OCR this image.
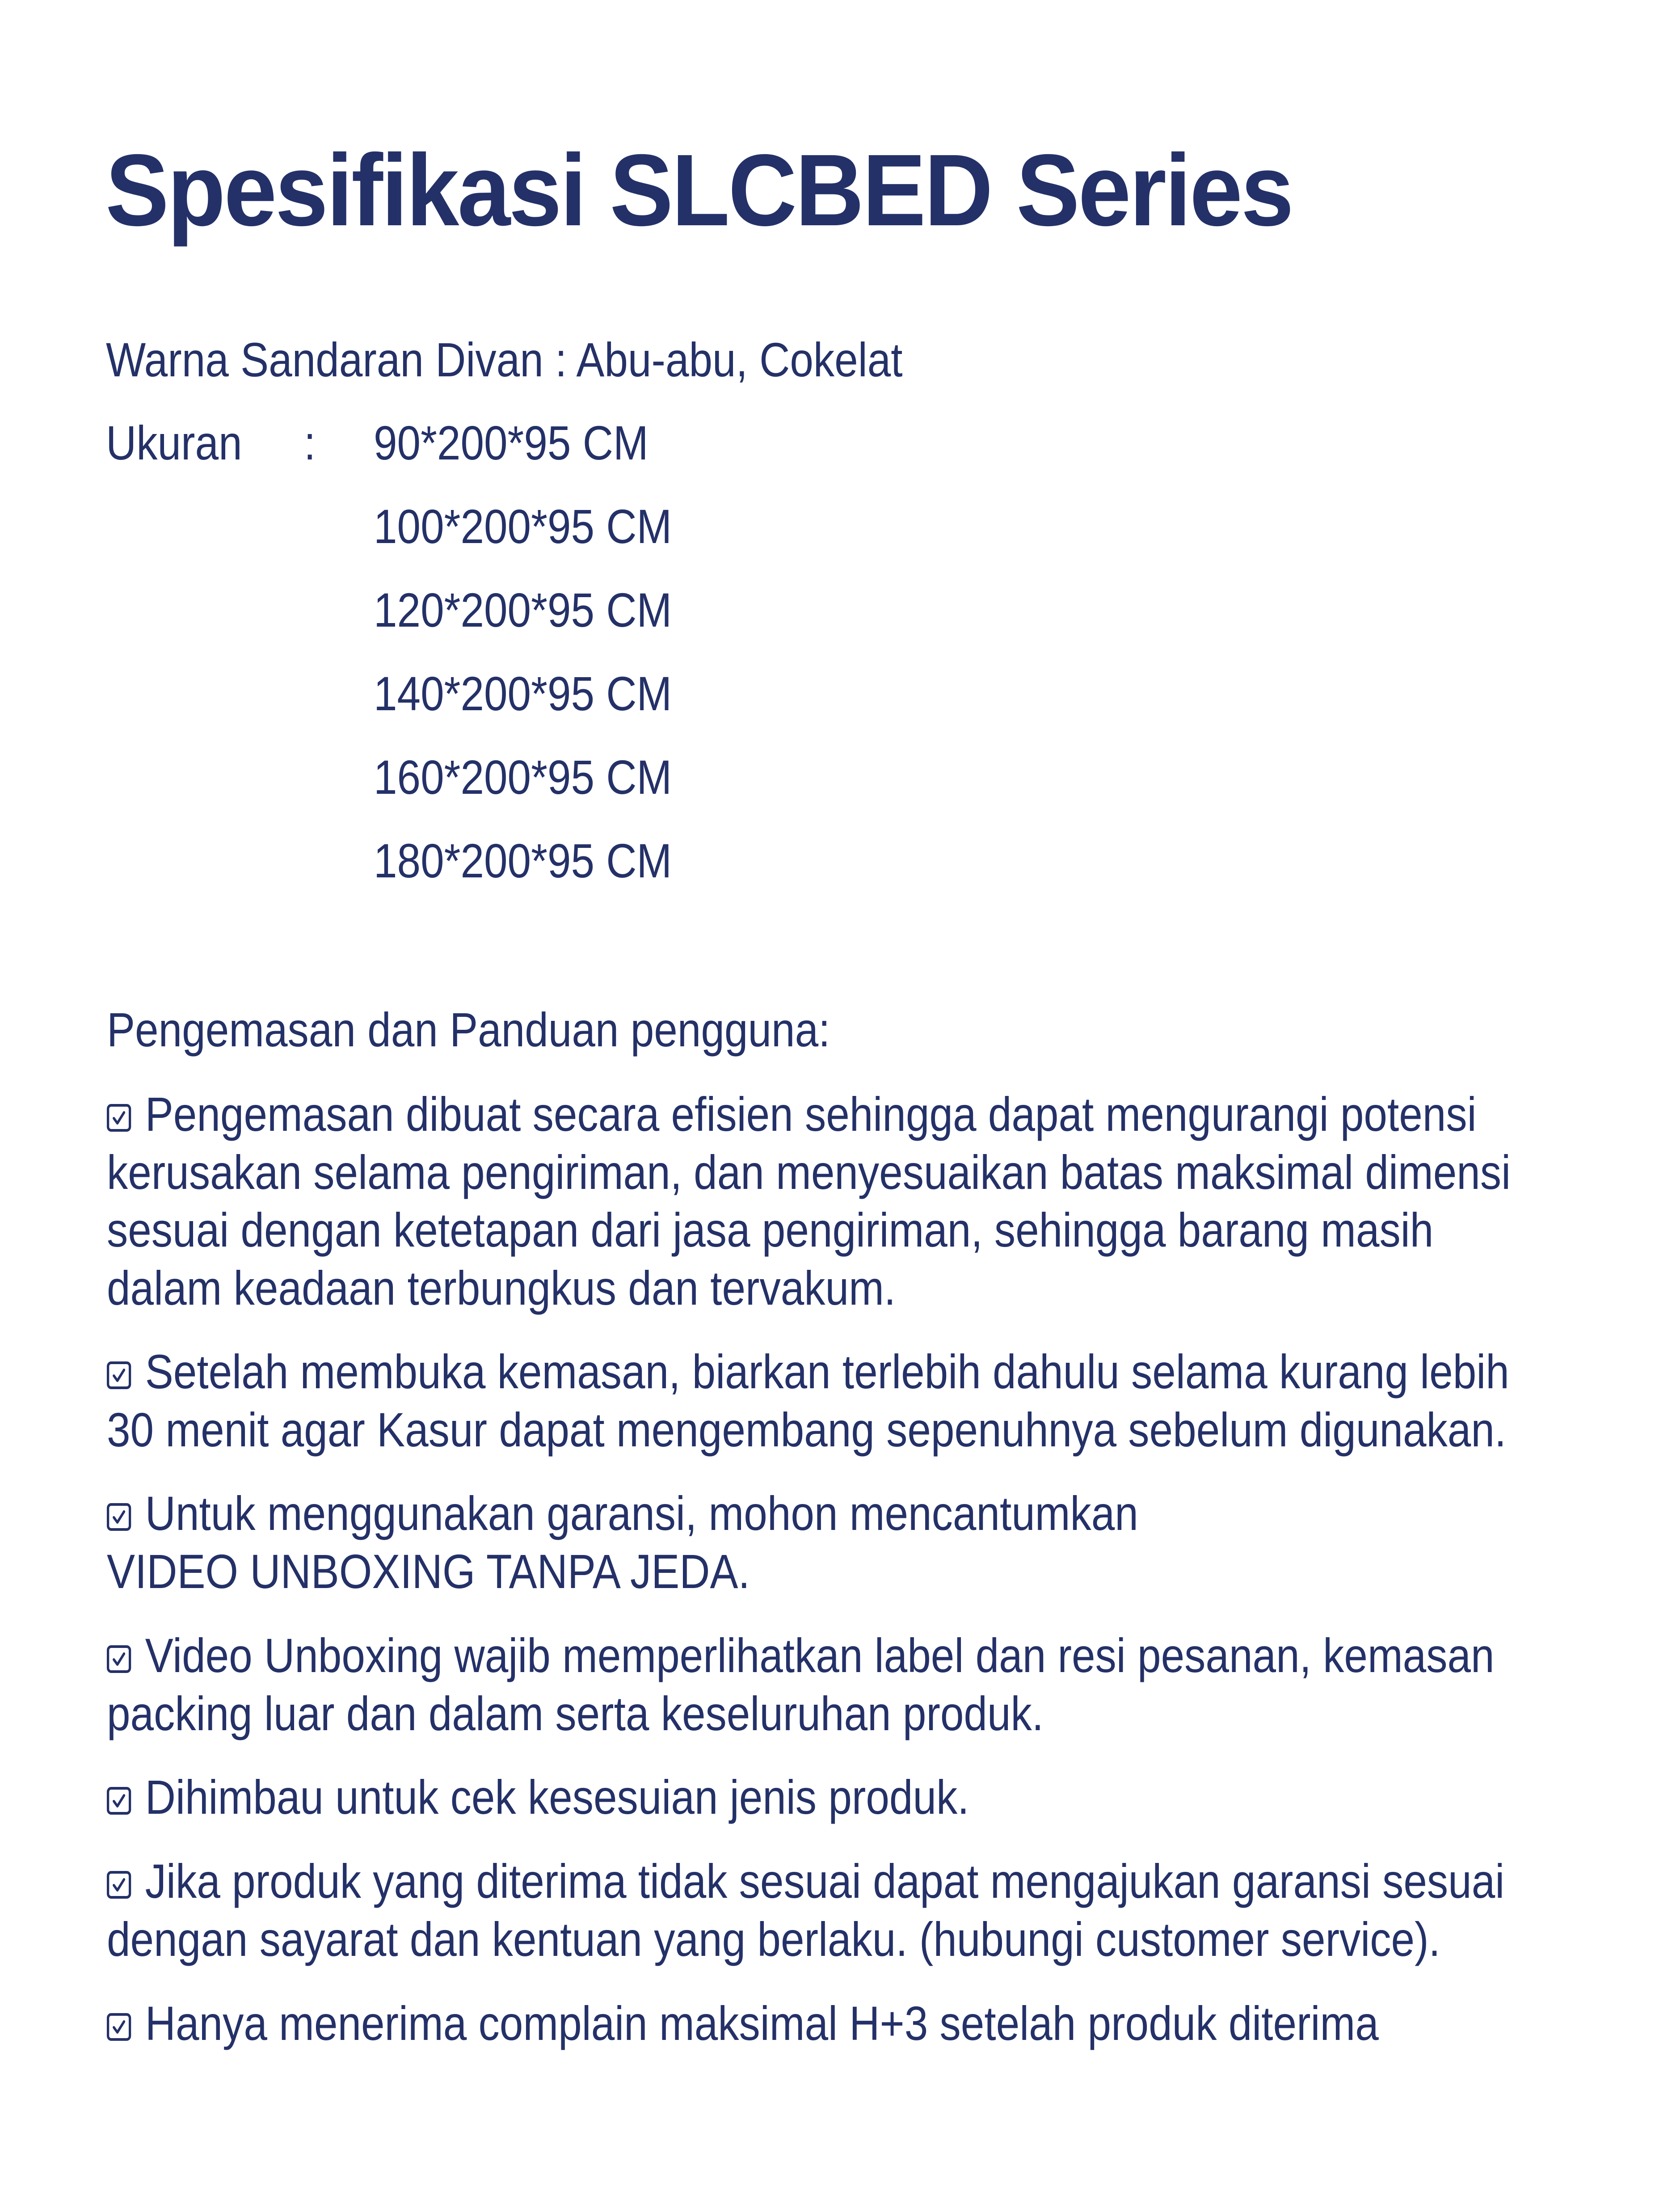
Spesifikasi SLCBED Series
Warna Sandaran Divan : Abu-abu, Cokelat
Ukuran : 90*200*95 CM
100*200*95 CM
120*200*95 CM
140*200*95 CM
160*200*95 CM
180*200*95 CM
Pengemasan dan Panduan pengguna:
Pengemasan dibuat secara efisien sehingga dapat mengurangi potensi
kerusakan selama pengiriman, dan menyesuaikan batas maksimal dimensi
sesuai dengan ketetapan dari jasa pengiriman, sehingga barang masih
dalam keadaan terbungkus dan tervakum.
Setelah membuka kemasan, biarkan terlebih dahulu selama kurang lebih
30 menit agar Kasur dapat mengembang sepenuhnya sebelum digunakan.
Untuk menggunakan garansi, mohon mencantumkan
VIDEO UNBOXING TANPA JEDA.
Video Unboxing wajib memperlihatkan label dan resi pesanan, kemasan
packing luar dan dalam serta keseluruhan produk.
Dihimbau untuk cek kesesuian jenis produk.
Jika produk yang diterima tidak sesuai dapat mengajukan garansi sesuai
dengan sayarat dan kentuan yang berlaku. (hubungi customer service).
Hanya menerima complain maksimal H+3 setelah produk diterima
